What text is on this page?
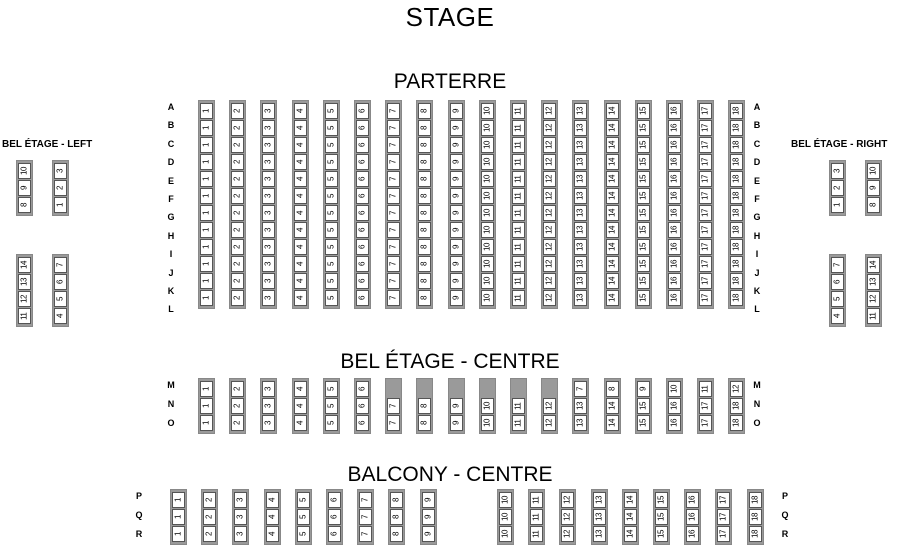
STAGE
PARTERRE
BEL ÉTAGE - CENTRE
BALCONY - CENTRE
BEL ÉTAGE - LEFT	BEL ÉTAGE - RIGHT
A
B
C
D
E
F
G
H
I
J
K
L
A
B
C
D
E
F
G
H
I
J
K
L
1
1
1
1
1
1
1
1
1
1
1
1
2
2
2
2
2
2
2
2
2
2
2
2
3
3
3
3
3
3
3
3
3
3
3
3
4
4
4
4
4
4
4
4
4
4
4
4
5
5
5
5
5
5
5
5
5
5
5
5
6
6
6
6
6
6
6
6
6
6
6
6
7
7
7
7
7
7
7
7
7
7
7
7
8
8
8
8
8
8
8
8
8
8
8
8
9
9
9
9
9
9
9
9
9
9
9
9
10
10
10
10
10
10
10
10
10
10
10
10
11
11
11
11
11
11
11
11
11
11
11
11
12
12
12
12
12
12
12
12
12
12
12
12
13
13
13
13
13
13
13
13
13
13
13
13
14
14
14
14
14
14
14
14
14
14
14
14
15
15
15
15
15
15
15
15
15
15
15
15
16
16
16
16
16
16
16
16
16
16
16
16
17
17
17
17
17
17
17
17
17
17
17
17
18
18
18
18
18
18
18
18
18
18
18
18
10
9
8
3
2
1
14
13
12
11
7
6
5
4
3
2
1
10
9
8
7
6
5
4
14
13
12
11
M
N
O
M
N
O
1
1
1
2
2
2
3
3
3
4
4
4
5
5
5
6
6
6
7
7
8
8
9
9
10
10
11
11
12
12
7
13
13
8
14
14
9
15
15
10
16
16
11
17
17
12
18
18
P
Q
R
P
Q
R
1
1
1
2
2
2
3
3
3
4
4
4
5
5
5
6
6
6
7
7
7
8
8
8
9
9
9
10
10
10
11
11
11
12
12
12
13
13
13
14
14
14
15
15
15
16
16
16
17
17
17
18
18
18
